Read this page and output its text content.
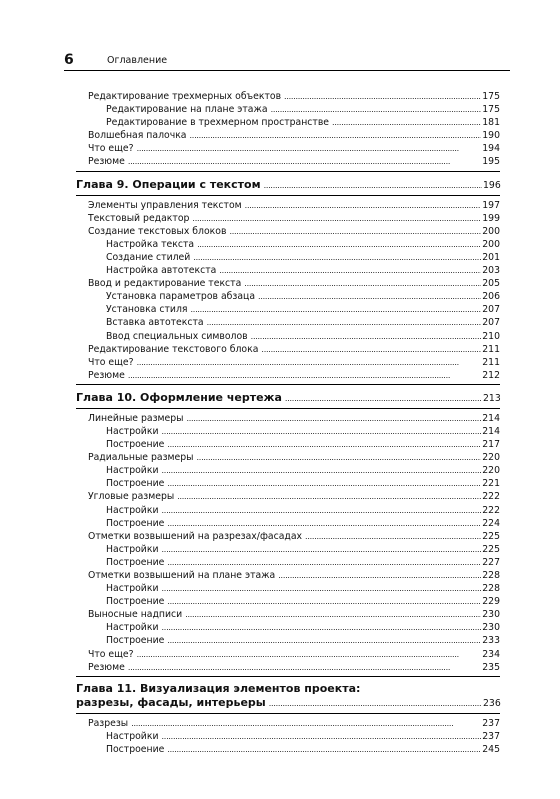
6	Оглавление
Редактирование трехмерных объектов . . .	175
Редактирование на плане этажа . . .	175
Редактирование в трехмерном пространстве . . .	181
Волшебная палочка . . .	190
Что еще? . . .	194
Резюме . . .	195
Глава 9. Операции с текстом . . .	196
Элементы управления текстом . . .	197
Текстовый редактор . . .	199
Создание текстовых блоков . . .	200
Настройка текста . . .	200
Создание стилей . . .	201
Настройка автотекста . . .	203
Ввод и редактирование текста . . .	205
Установка параметров абзаца . . .	206
Установка стиля . . .	207
Вставка автотекста . . .	207
Ввод специальных символов . . .	210
Редактирование текстового блока . . .	211
Что еще? . . .	211
Резюме . . .	212
Глава 10. Оформление чертежа . . .	213
Линейные размеры . . .	214
Настройки . . .	214
Построение . . .	217
Радиальные размеры . . .	220
Настройки . . .	220
Построение . . .	221
Угловые размеры . . .	222
Настройки . . .	222
Построение . . .	224
Отметки возвышений на разрезах/фасадах . . .	225
Настройки . . .	225
Построение . . .	227
Отметки возвышений на плане этажа . . .	228
Настройки . . .	228
Построение . . .	229
Выносные надписи . . .	230
Настройки . . .	230
Построение . . .	233
Что еще? . . .	234
Резюме . . .	235
Глава 11. Визуализация элементов проекта:
разрезы, фасады, интерьеры . . .	236
Разрезы . . .	237
Настройки . . .	237
Построение . . .	245
